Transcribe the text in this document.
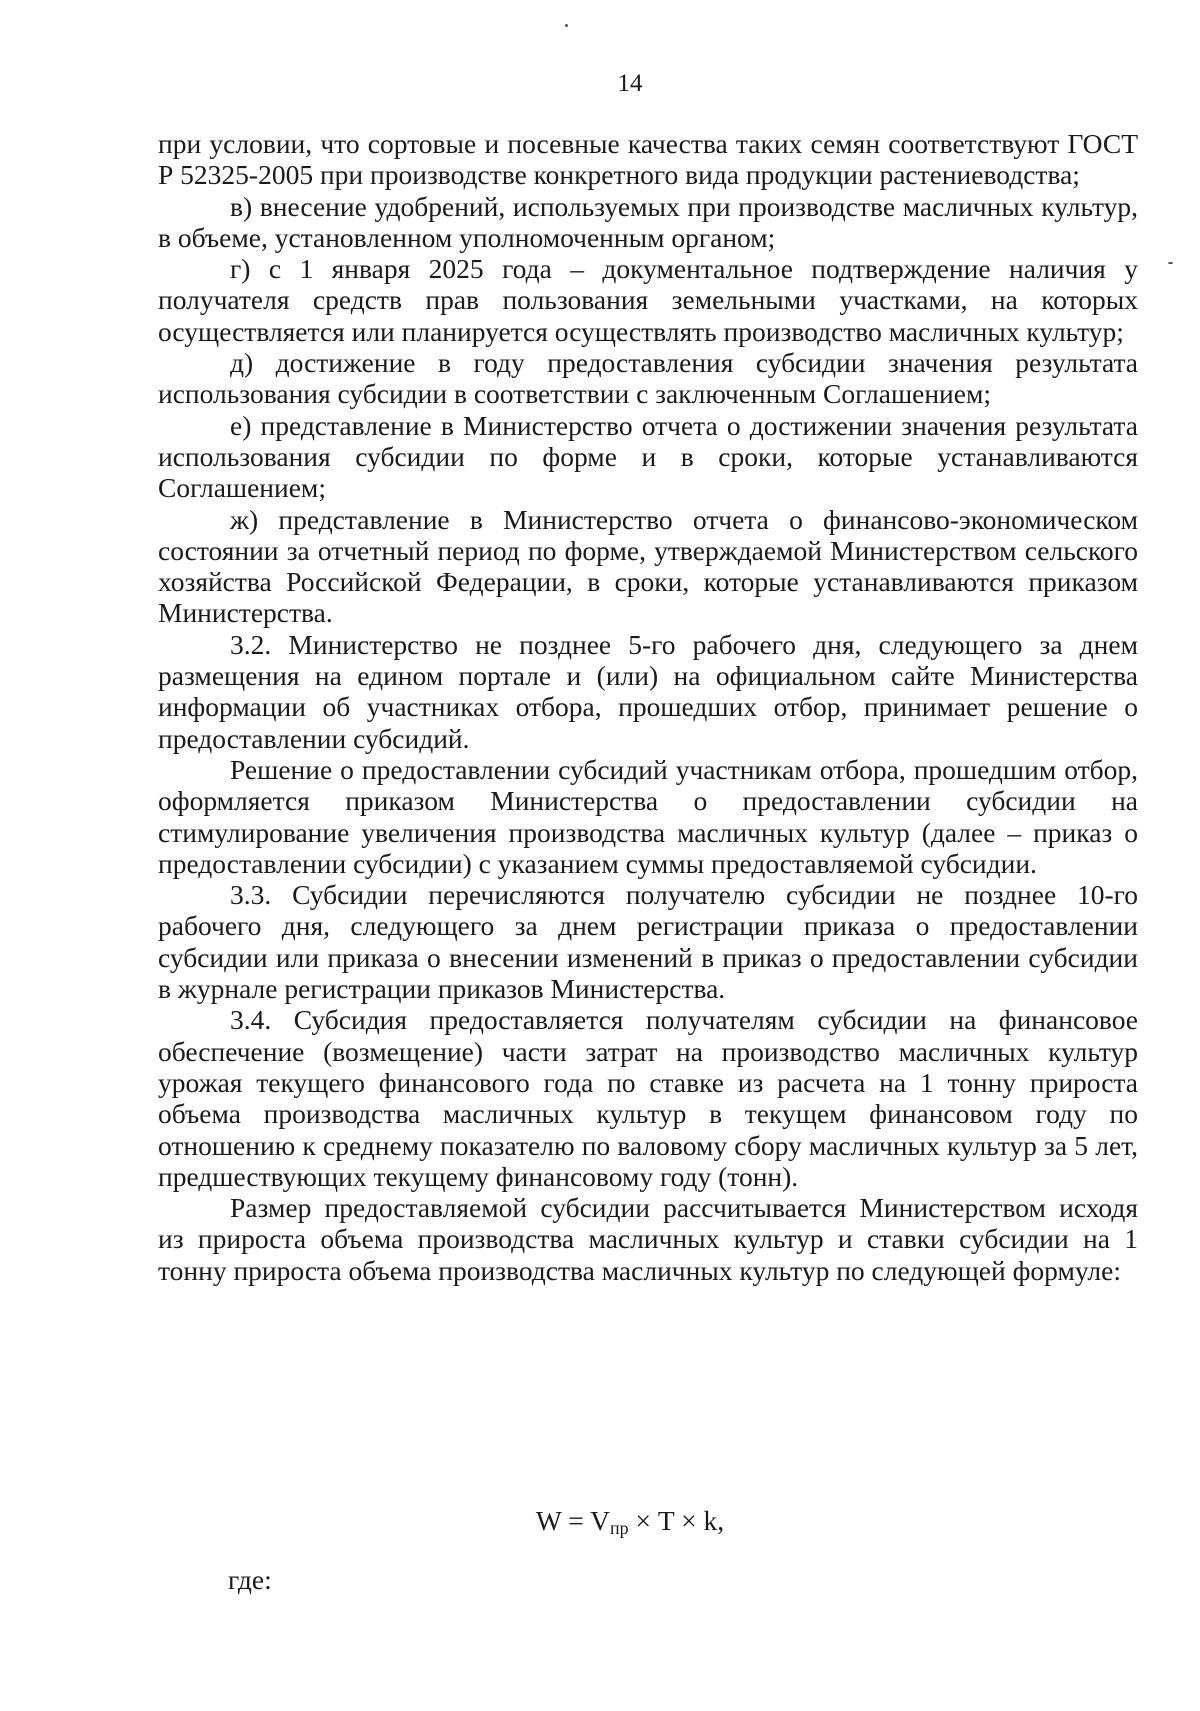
14

при условии, что сортовые и посевные качества таких семян соответствуют ГОСТ Р 52325-2005 при производстве конкретного вида продукции растениеводства;

в) внесение удобрений, используемых при производстве масличных культур, в объеме, установленном уполномоченным органом;

г) с 1 января 2025 года – документальное подтверждение наличия у получателя средств прав пользования земельными участками, на которых осуществляется или планируется осуществлять производство масличных культур;

д) достижение в году предоставления субсидии значения результата использования субсидии в соответствии с заключенным Соглашением;

е) представление в Министерство отчета о достижении значения результата использования субсидии по форме и в сроки, которые устанавливаются Соглашением;

ж) представление в Министерство отчета о финансово-экономическом состоянии за отчетный период по форме, утверждаемой Министерством сельского хозяйства Российской Федерации, в сроки, которые устанавливаются приказом Министерства.

3.2. Министерство не позднее 5-го рабочего дня, следующего за днем размещения на едином портале и (или) на официальном сайте Министерства информации об участниках отбора, прошедших отбор, принимает решение о предоставлении субсидий.

Решение о предоставлении субсидий участникам отбора, прошедшим отбор, оформляется приказом Министерства о предоставлении субсидии на стимулирование увеличения производства масличных культур (далее – приказ о предоставлении субсидии) с указанием суммы предоставляемой субсидии.

3.3. Субсидии перечисляются получателю субсидии не позднее 10-го рабочего дня, следующего за днем регистрации приказа о предоставлении субсидии или приказа о внесении изменений в приказ о предоставлении субсидии в журнале регистрации приказов Министерства.

3.4. Субсидия предоставляется получателям субсидии на финансовое обеспечение (возмещение) части затрат на производство масличных культур урожая текущего финансового года по ставке из расчета на 1 тонну прироста объема производства масличных культур в текущем финансовом году по отношению к среднему показателю по валовому сбору масличных культур за 5 лет, предшествующих текущему финансовому году (тонн).

Размер предоставляемой субсидии рассчитывается Министерством исходя из прироста объема производства масличных культур и ставки субсидии на 1 тонну прироста объема производства масличных культур по следующей формуле:

$W = V_{пр} \times T \times k$,
где:
